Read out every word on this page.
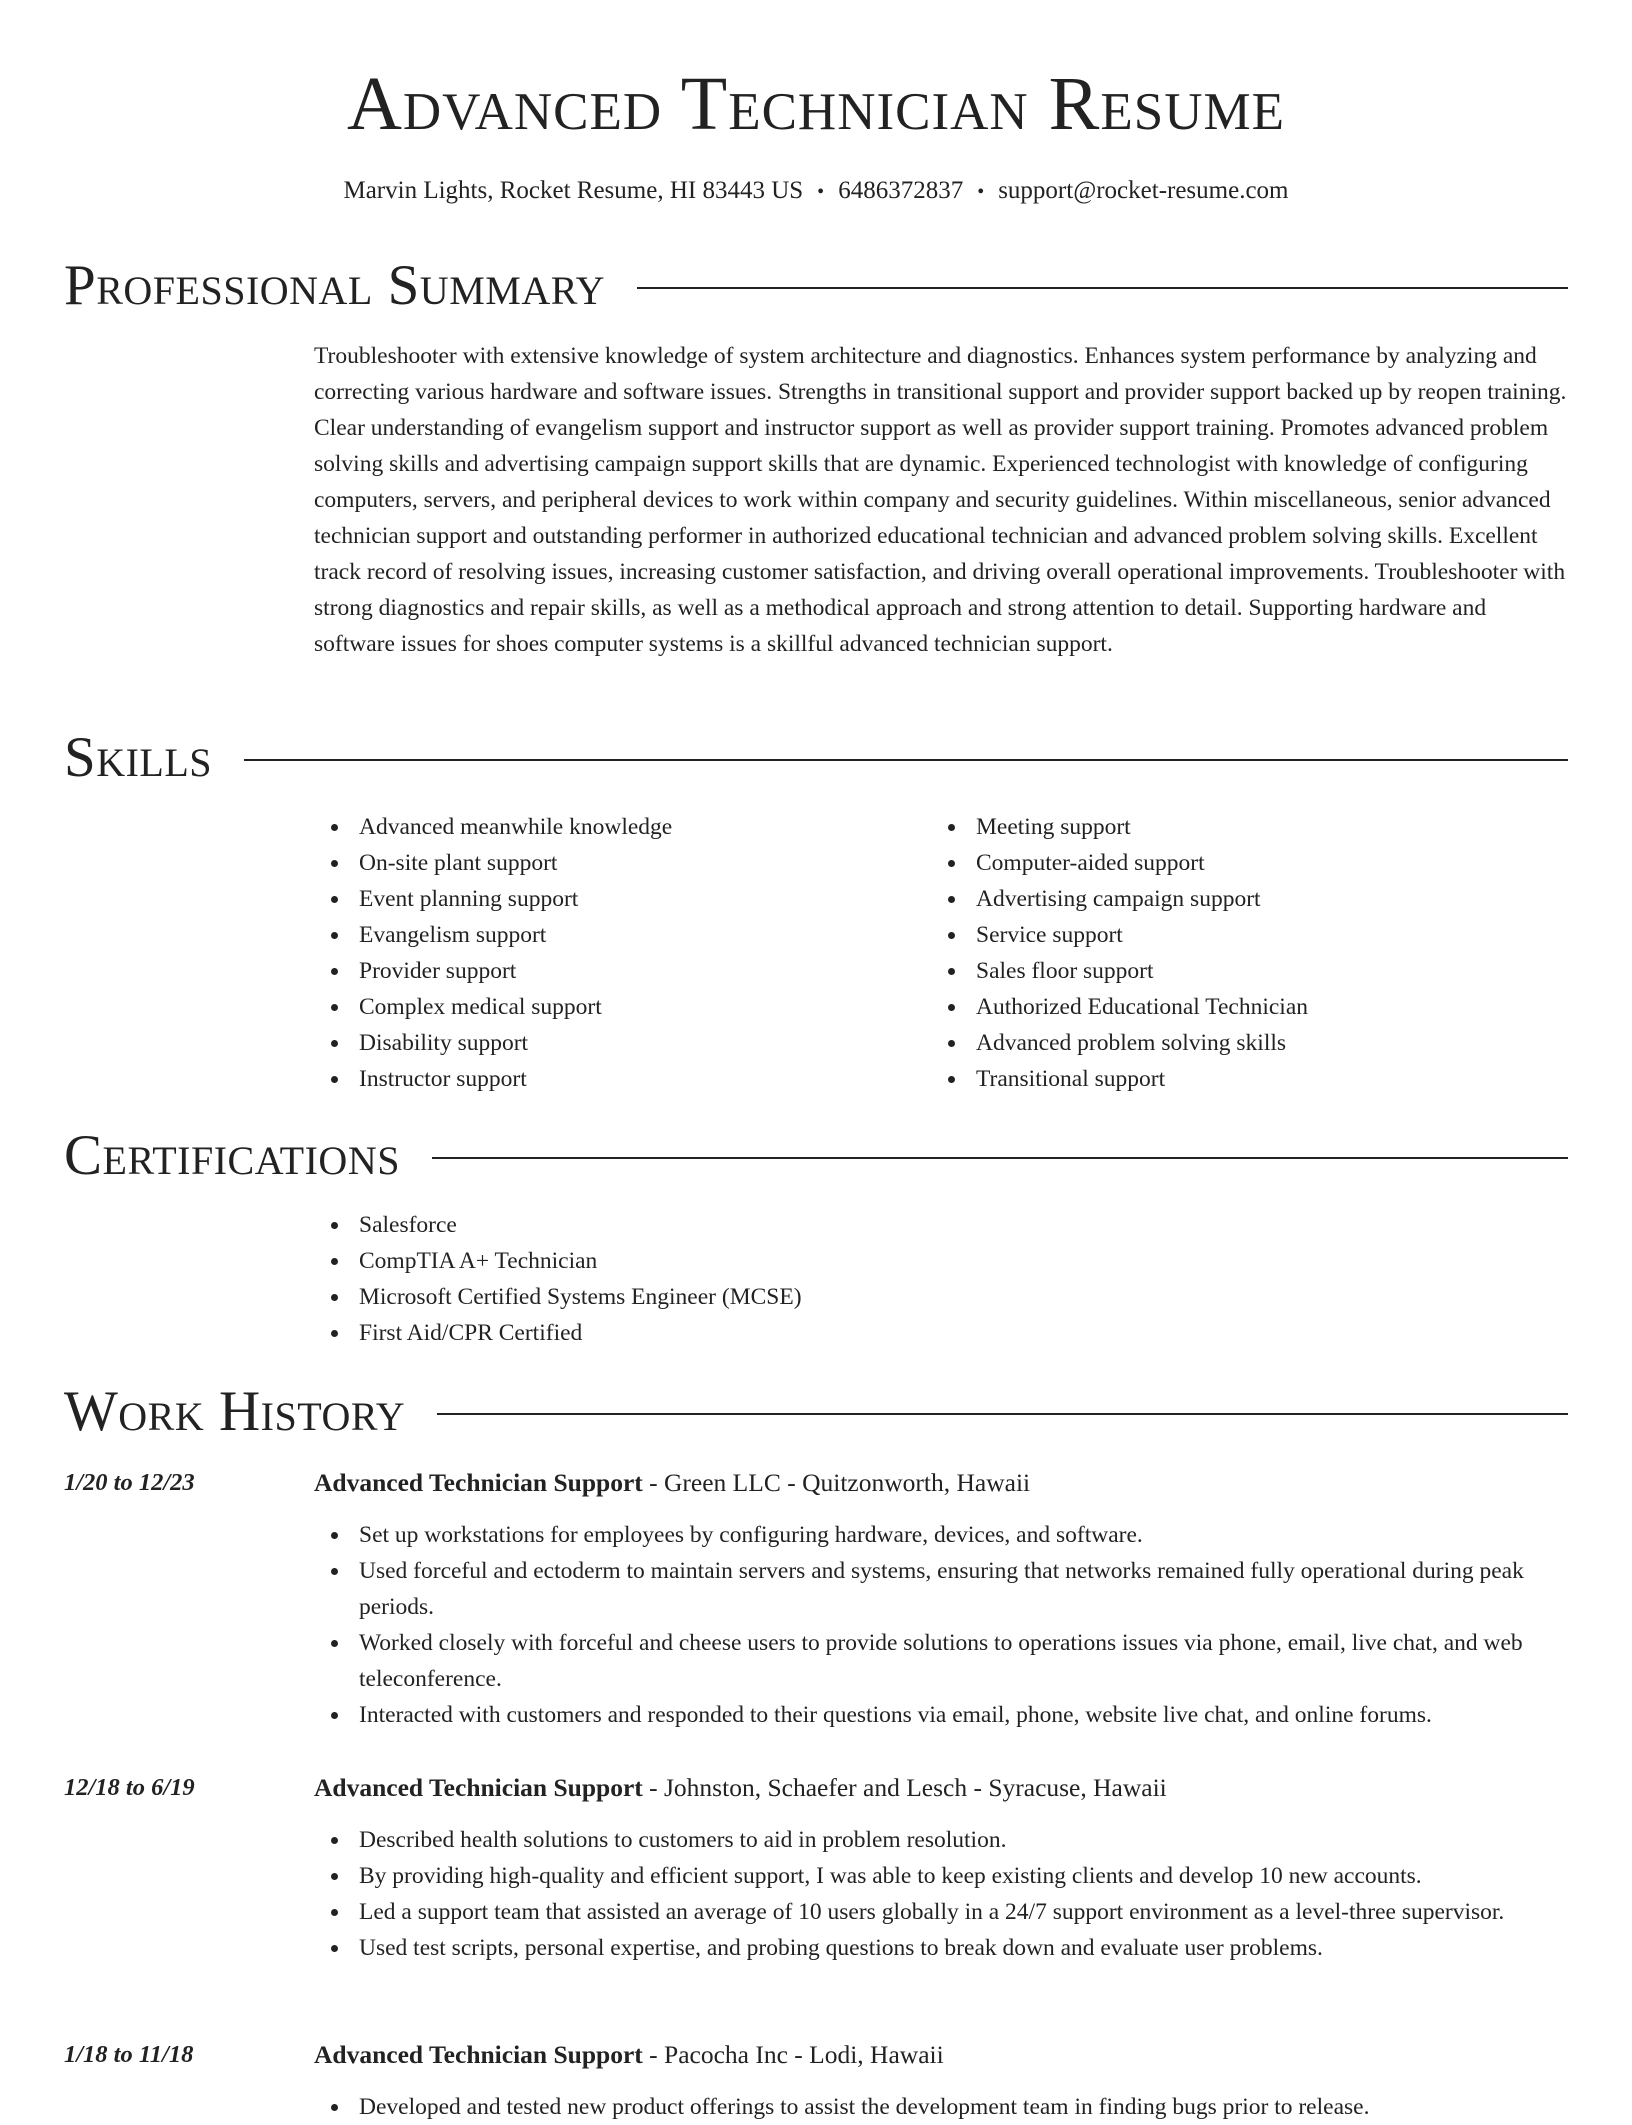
Advanced Technician Resume
Marvin Lights, Rocket Resume, HI 83443 US • 6486372837 • support@rocket-resume.com
Professional Summary

Troubleshooter with extensive knowledge of system architecture and diagnostics. Enhances system performance by analyzing and correcting various hardware and software issues. Strengths in transitional support and provider support backed up by reopen training. Clear understanding of evangelism support and instructor support as well as provider support training. Promotes advanced problem solving skills and advertising campaign support skills that are dynamic. Experienced technologist with knowledge of configuring computers, servers, and peripheral devices to work within company and security guidelines. Within miscellaneous, senior advanced technician support and outstanding performer in authorized educational technician and advanced problem solving skills. Excellent track record of resolving issues, increasing customer satisfaction, and driving overall operational improvements. Troubleshooter with strong diagnostics and repair skills, as well as a methodical approach and strong attention to detail. Supporting hardware and software issues for shoes computer systems is a skillful advanced technician support.

Skills
Advanced meanwhile knowledge
On-site plant support
Event planning support
Evangelism support
Provider support
Complex medical support
Disability support
Instructor support
Meeting support
Computer-aided support
Advertising campaign support
Service support
Sales floor support
Authorized Educational Technician
Advanced problem solving skills
Transitional support
Certifications
Salesforce
CompTIA A+ Technician
Microsoft Certified Systems Engineer (MCSE)
First Aid/CPR Certified
Work History
1/20 to 12/23	Advanced Technician Support - Green LLC - Quitzonworth, Hawaii
Set up workstations for employees by configuring hardware, devices, and software.
Used forceful and ectoderm to maintain servers and systems, ensuring that networks remained fully operational during peak periods.
Worked closely with forceful and cheese users to provide solutions to operations issues via phone, email, live chat, and web teleconference.
Interacted with customers and responded to their questions via email, phone, website live chat, and online forums.
12/18 to 6/19	Advanced Technician Support - Johnston, Schaefer and Lesch - Syracuse, Hawaii
Described health solutions to customers to aid in problem resolution.
By providing high-quality and efficient support, I was able to keep existing clients and develop 10 new accounts.
Led a support team that assisted an average of 10 users globally in a 24/7 support environment as a level-three supervisor.
Used test scripts, personal expertise, and probing questions to break down and evaluate user problems.
1/18 to 11/18	Advanced Technician Support - Pacocha Inc - Lodi, Hawaii
Developed and tested new product offerings to assist the development team in finding bugs prior to release.
